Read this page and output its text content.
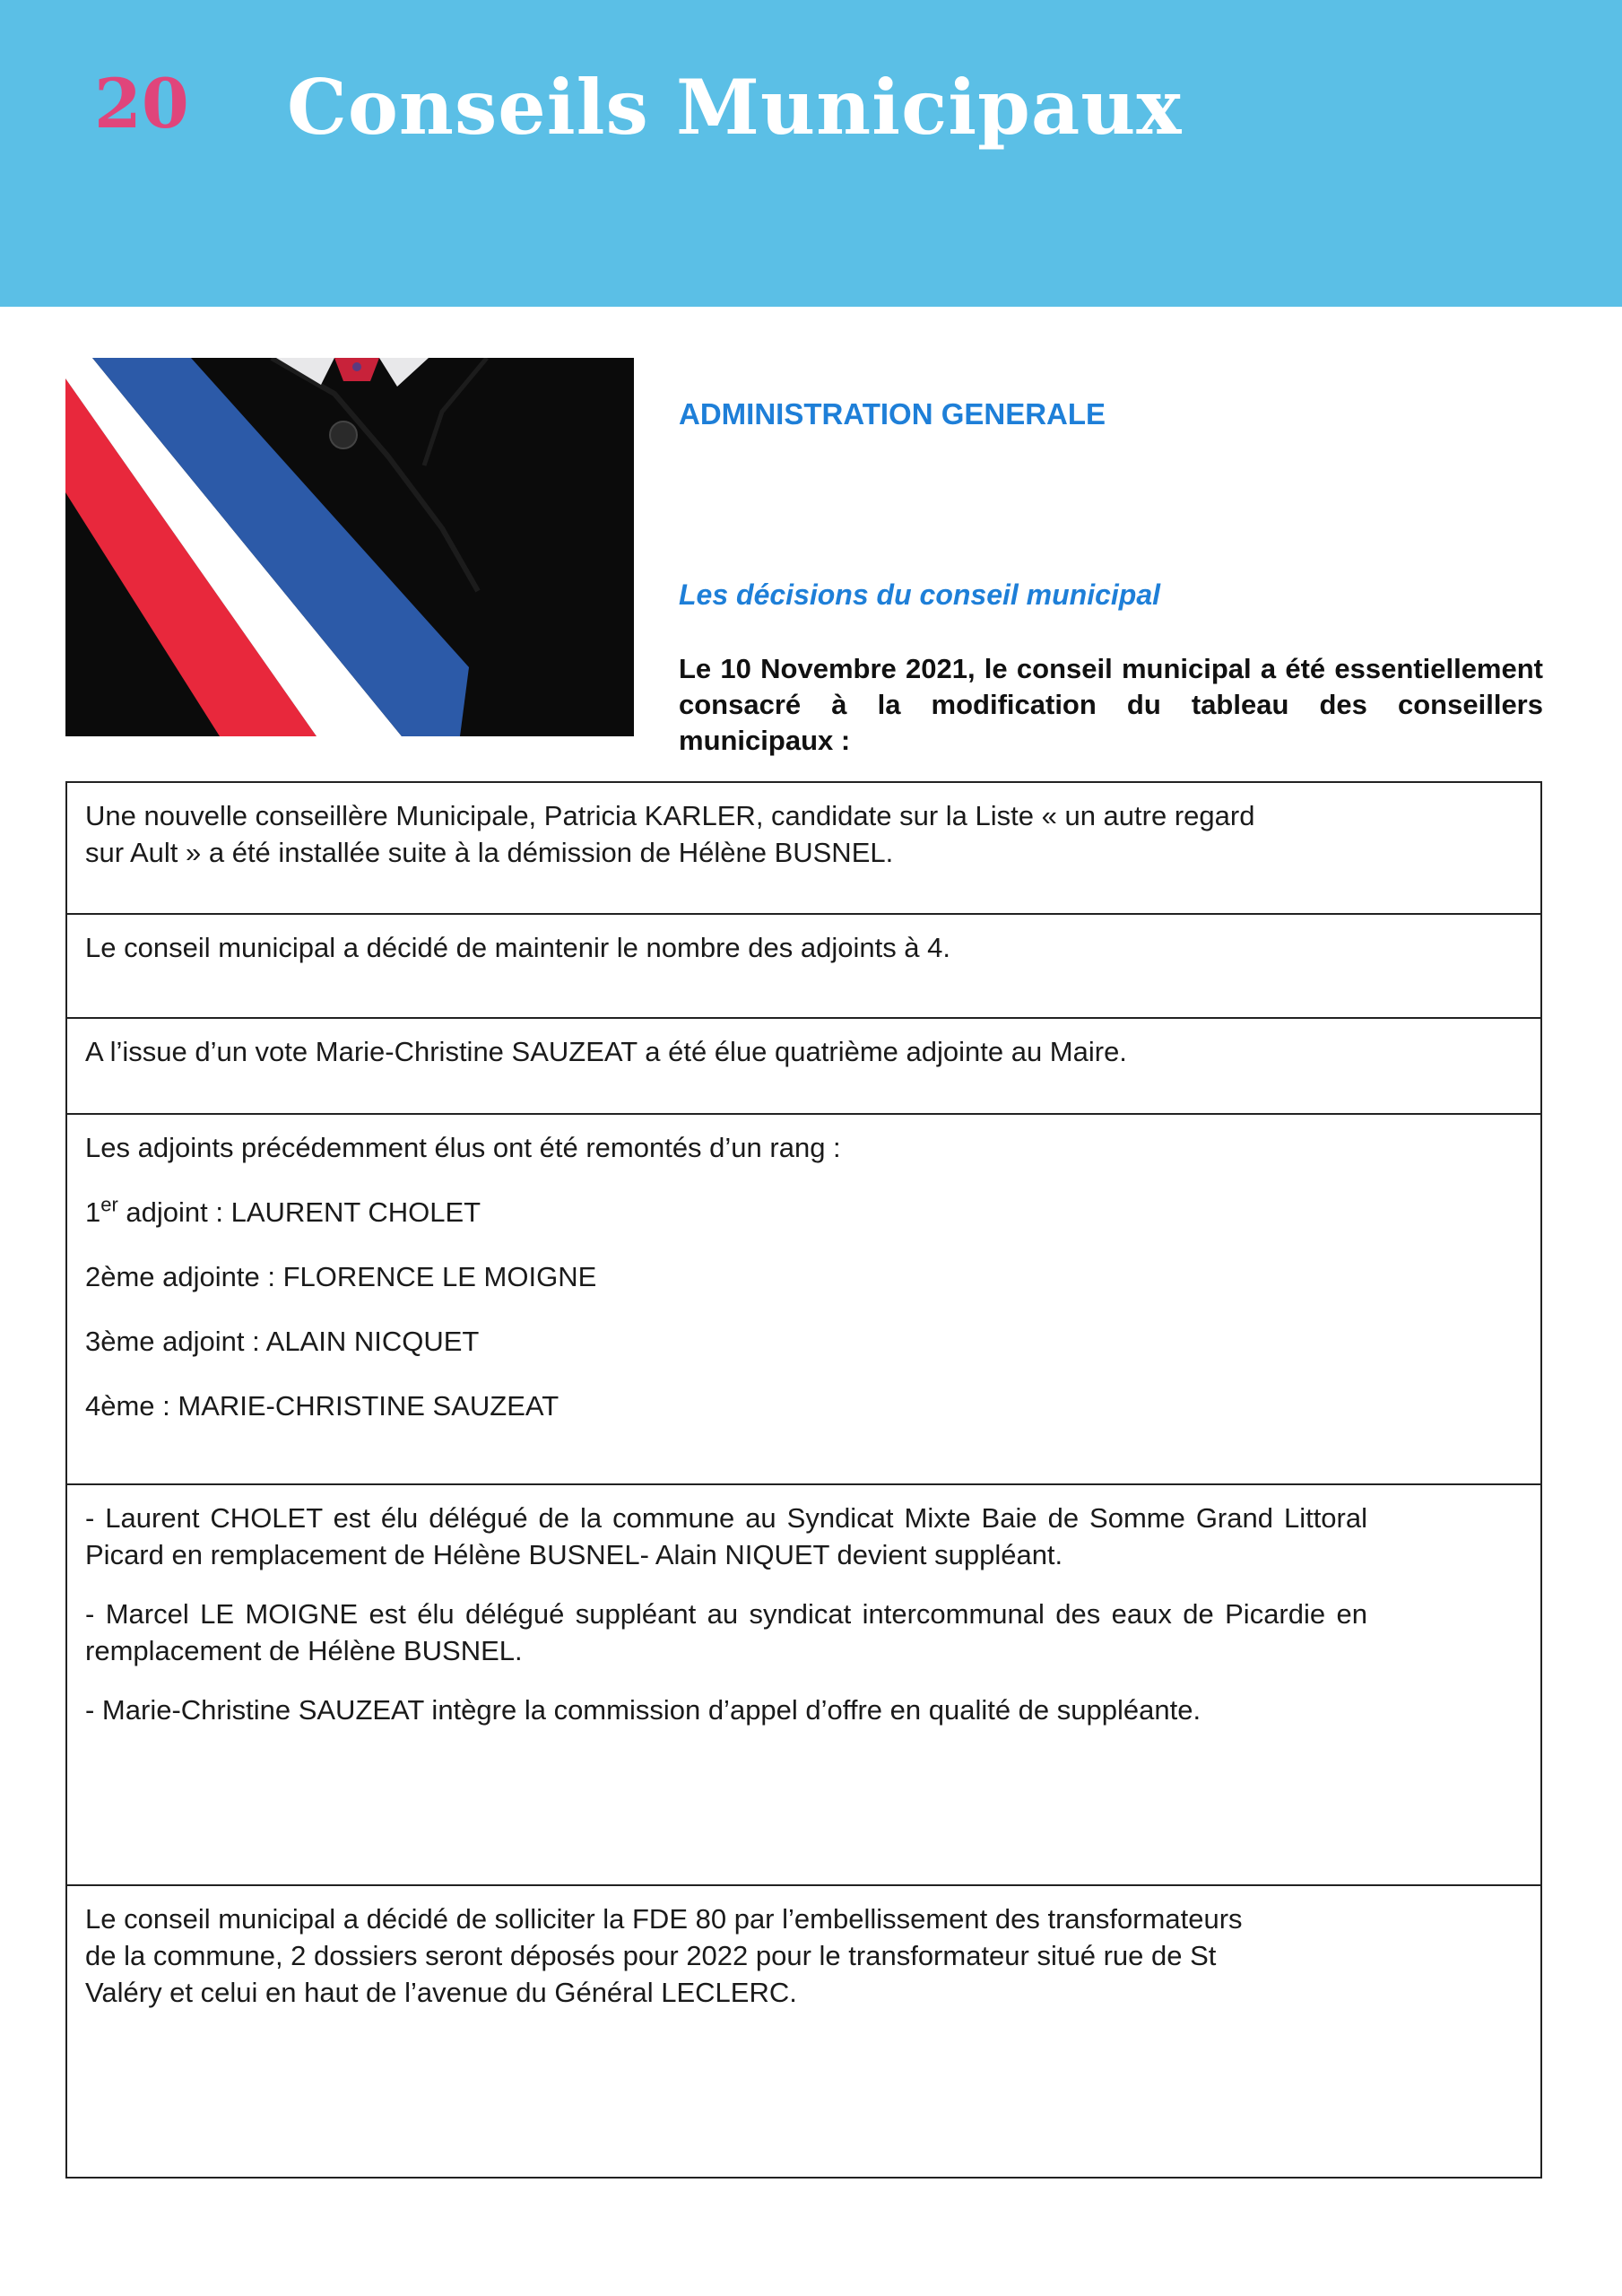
20 Conseils Municipaux
ADMINISTRATION GENERALE
Les décisions du conseil municipal
Le 10 Novembre 2021, le conseil municipal a été essentiellement consacré à la modification du tableau des conseillers municipaux :

Une nouvelle conseillère Municipale, Patricia KARLER, candidate sur la Liste « un autre regard

sur Ault » a été installée suite à la démission de Hélène BUSNEL.

Le conseil municipal a décidé de maintenir le nombre des adjoints à 4.

A l’issue d’un vote Marie-Christine SAUZEAT a été élue quatrième adjointe au Maire.

Les adjoints précédemment élus ont été remontés d’un rang :

1er adjoint : LAURENT CHOLET

2ème adjointe : FLORENCE LE MOIGNE

3ème adjoint : ALAIN NICQUET

4ème : MARIE-CHRISTINE SAUZEAT

- Laurent CHOLET est élu délégué de la commune au Syndicat Mixte Baie de Somme Grand Littoral Picard en remplacement de Hélène BUSNEL- Alain NIQUET devient suppléant.

- Marcel LE MOIGNE est élu délégué suppléant au syndicat intercommunal des eaux de Picardie en remplacement de Hélène BUSNEL.

- Marie-Christine SAUZEAT intègre la commission d’appel d’offre en qualité de suppléante.

Le conseil municipal a décidé de solliciter la FDE 80 par l’embellissement des transformateurs

de la commune, 2 dossiers seront déposés pour 2022 pour le transformateur situé rue de St

Valéry et celui en haut de l’avenue du Général LECLERC.
